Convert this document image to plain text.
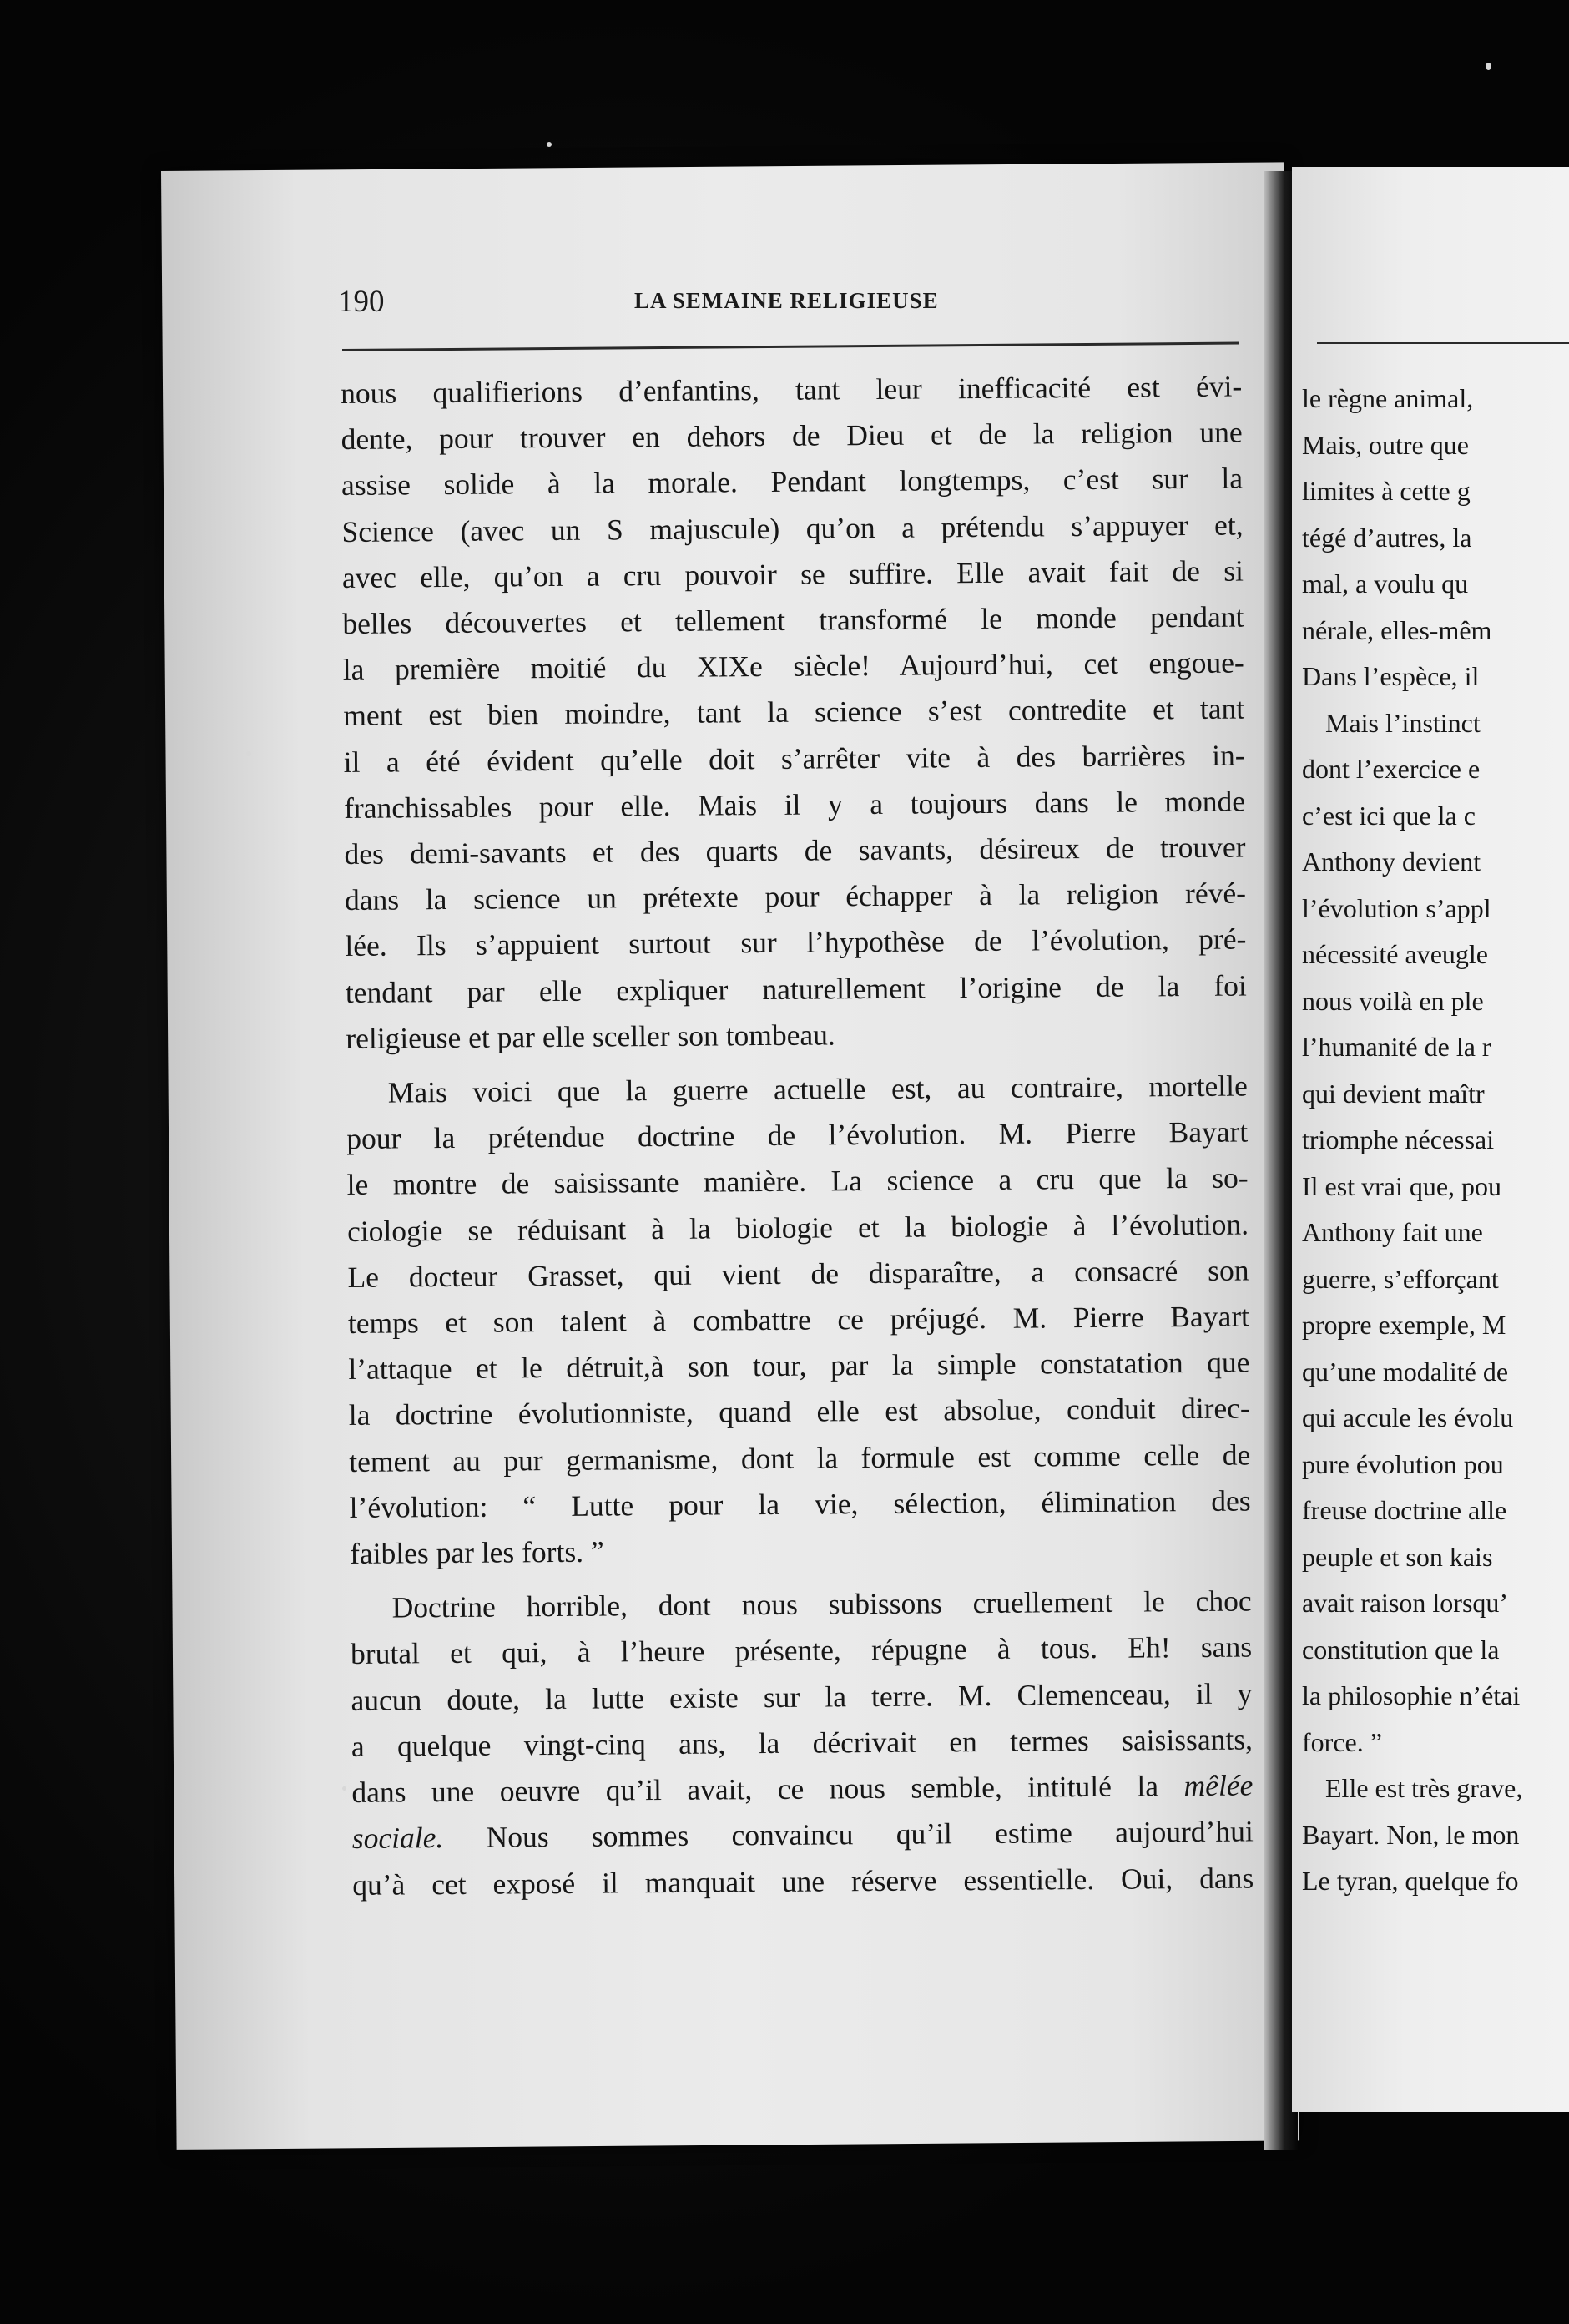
le règne animal,
Mais, outre que
limites à cette g
tégé d’autres, la
mal, a voulu qu
nérale, elles-mêm
Dans l’espèce, il
Mais l’instinct
dont l’exercice e
c’est ici que la c
Anthony devient
l’évolution s’appl
nécessité aveugle
nous voilà en ple
l’humanité de la r
qui devient maîtr
triomphe nécessai
Il est vrai que, pou
Anthony fait une
guerre, s’efforçant
propre exemple, M
qu’une modalité de
qui accule les évolu
pure évolution pou
freuse doctrine alle
peuple et son kais
avait raison lorsqu’
constitution que la
la philosophie n’étai
force. ”
Elle est très grave,
Bayart. Non, le mon
Le tyran, quelque fo
190	LA SEMAINE RELIGIEUSE
nous qualifierions d’enfantins, tant leur inefficacité est évi-
dente, pour trouver en dehors de Dieu et de la religion une
assise solide à la morale. Pendant longtemps, c’est sur la
Science (avec un S majuscule) qu’on a prétendu s’appuyer et,
avec elle, qu’on a cru pouvoir se suffire. Elle avait fait de si
belles découvertes et tellement transformé le monde pendant
la première moitié du XIXe siècle! Aujourd’hui, cet engoue-
ment est bien moindre, tant la science s’est contredite et tant
il a été évident qu’elle doit s’arrêter vite à des barrières in-
franchissables pour elle. Mais il y a toujours dans le monde
des demi-savants et des quarts de savants, désireux de trouver
dans la science un prétexte pour échapper à la religion révé-
lée. Ils s’appuient surtout sur l’hypothèse de l’évolution, pré-
tendant par elle expliquer naturellement l’origine de la foi
religieuse et par elle sceller son tombeau.
Mais voici que la guerre actuelle est, au contraire, mortelle
pour la prétendue doctrine de l’évolution. M. Pierre Bayart
le montre de saisissante manière. La science a cru que la so-
ciologie se réduisant à la biologie et la biologie à l’évolution.
Le docteur Grasset, qui vient de disparaître, a consacré son
temps et son talent à combattre ce préjugé. M. Pierre Bayart
l’attaque et le détruit,à son tour, par la simple constatation que
la doctrine évolutionniste, quand elle est absolue, conduit direc-
tement au pur germanisme, dont la formule est comme celle de
l’évolution: “ Lutte pour la vie, sélection, élimination des
faibles par les forts. ”
Doctrine horrible, dont nous subissons cruellement le choc
brutal et qui, à l’heure présente, répugne à tous. Eh! sans
aucun doute, la lutte existe sur la terre. M. Clemenceau, il y
a quelque vingt-cinq ans, la décrivait en termes saisissants,
dans une oeuvre qu’il avait, ce nous semble, intitulé la mêlée
sociale. Nous sommes convaincu qu’il estime aujourd’hui
qu’à cet exposé il manquait une réserve essentielle. Oui, dans
